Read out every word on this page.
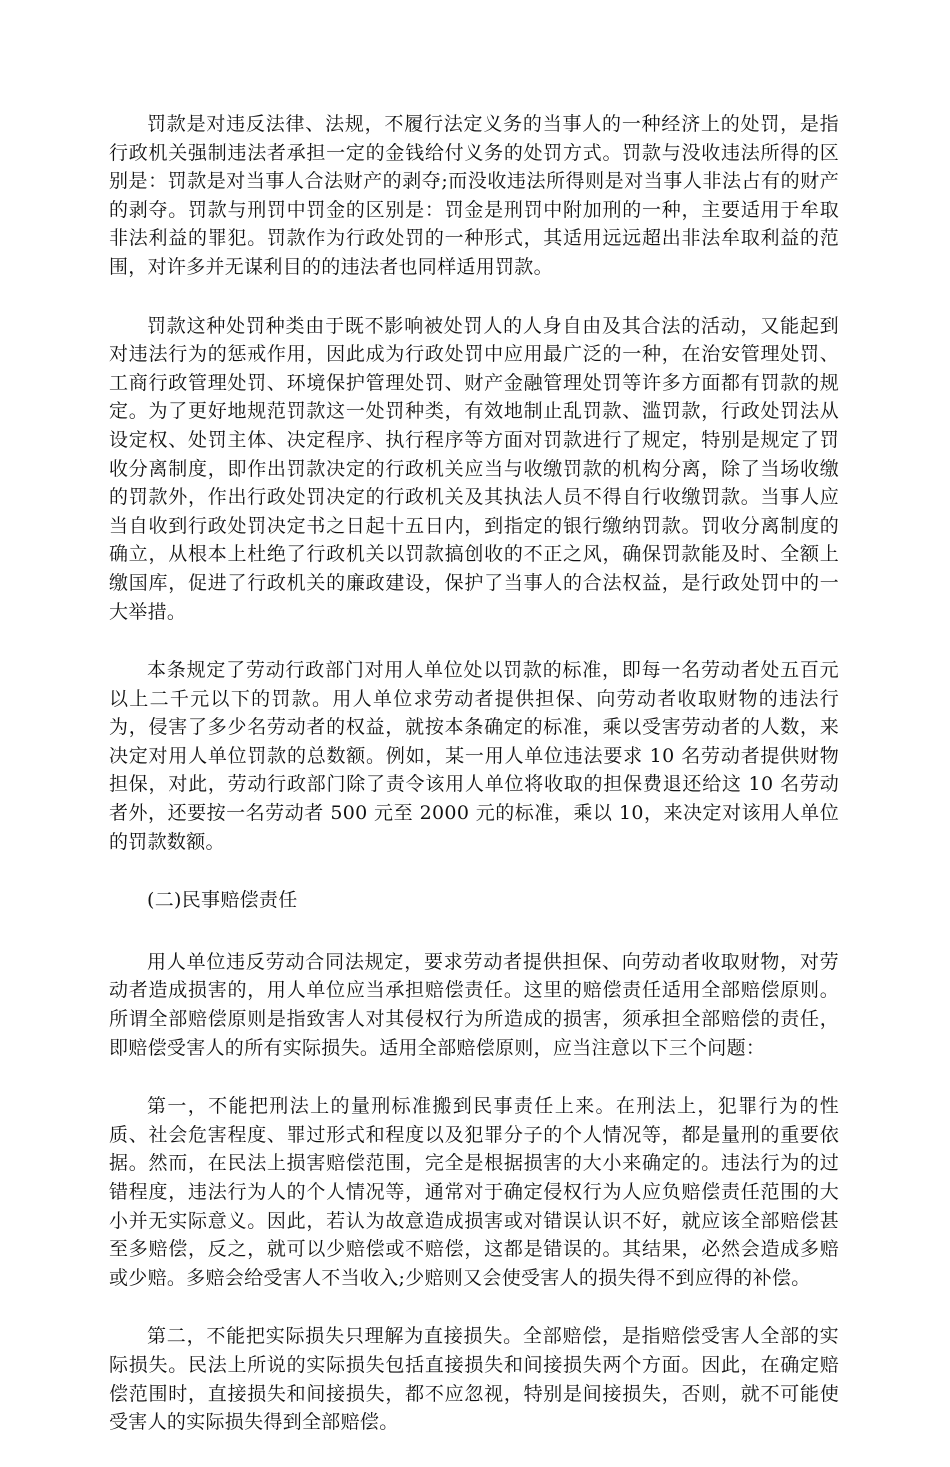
罚款是对违反法律、法规，不履行法定义务的当事人的一种经济上的处罚，是指行政机关强制违法者承担一定的金钱给付义务的处罚方式。罚款与没收违法所得的区别是：罚款是对当事人合法财产的剥夺;而没收违法所得则是对当事人非法占有的财产的剥夺。罚款与刑罚中罚金的区别是：罚金是刑罚中附加刑的一种，主要适用于牟取非法利益的罪犯。罚款作为行政处罚的一种形式，其适用远远超出非法牟取利益的范围，对许多并无谋利目的的违法者也同样适用罚款。

罚款这种处罚种类由于既不影响被处罚人的人身自由及其合法的活动，又能起到对违法行为的惩戒作用，因此成为行政处罚中应用最广泛的一种，在治安管理处罚、工商行政管理处罚、环境保护管理处罚、财产金融管理处罚等许多方面都有罚款的规定。为了更好地规范罚款这一处罚种类，有效地制止乱罚款、滥罚款，行政处罚法从设定权、处罚主体、决定程序、执行程序等方面对罚款进行了规定，特别是规定了罚收分离制度，即作出罚款决定的行政机关应当与收缴罚款的机构分离，除了当场收缴的罚款外，作出行政处罚决定的行政机关及其执法人员不得自行收缴罚款。当事人应当自收到行政处罚决定书之日起十五日内，到指定的银行缴纳罚款。罚收分离制度的确立，从根本上杜绝了行政机关以罚款搞创收的不正之风，确保罚款能及时、全额上缴国库，促进了行政机关的廉政建设，保护了当事人的合法权益，是行政处罚中的一大举措。

本条规定了劳动行政部门对用人单位处以罚款的标准，即每一名劳动者处五百元以上二千元以下的罚款。用人单位求劳动者提供担保、向劳动者收取财物的违法行为，侵害了多少名劳动者的权益，就按本条确定的标准，乘以受害劳动者的人数，来决定对用人单位罚款的总数额。例如，某一用人单位违法要求 10 名劳动者提供财物担保，对此，劳动行政部门除了责令该用人单位将收取的担保费退还给这 10 名劳动者外，还要按一名劳动者 500 元至 2000 元的标准，乘以 10，来决定对该用人单位的罚款数额。

(二)民事赔偿责任

用人单位违反劳动合同法规定，要求劳动者提供担保、向劳动者收取财物，对劳动者造成损害的，用人单位应当承担赔偿责任。这里的赔偿责任适用全部赔偿原则。所谓全部赔偿原则是指致害人对其侵权行为所造成的损害，须承担全部赔偿的责任，即赔偿受害人的所有实际损失。适用全部赔偿原则，应当注意以下三个问题：

第一，不能把刑法上的量刑标准搬到民事责任上来。在刑法上，犯罪行为的性质、社会危害程度、罪过形式和程度以及犯罪分子的个人情况等，都是量刑的重要依据。然而，在民法上损害赔偿范围，完全是根据损害的大小来确定的。违法行为的过错程度，违法行为人的个人情况等，通常对于确定侵权行为人应负赔偿责任范围的大小并无实际意义。因此，若认为故意造成损害或对错误认识不好，就应该全部赔偿甚至多赔偿，反之，就可以少赔偿或不赔偿，这都是错误的。其结果，必然会造成多赔或少赔。多赔会给受害人不当收入;少赔则又会使受害人的损失得不到应得的补偿。

第二，不能把实际损失只理解为直接损失。全部赔偿，是指赔偿受害人全部的实际损失。民法上所说的实际损失包括直接损失和间接损失两个方面。因此，在确定赔偿范围时，直接损失和间接损失，都不应忽视，特别是间接损失，否则，就不可能使受害人的实际损失得到全部赔偿。
